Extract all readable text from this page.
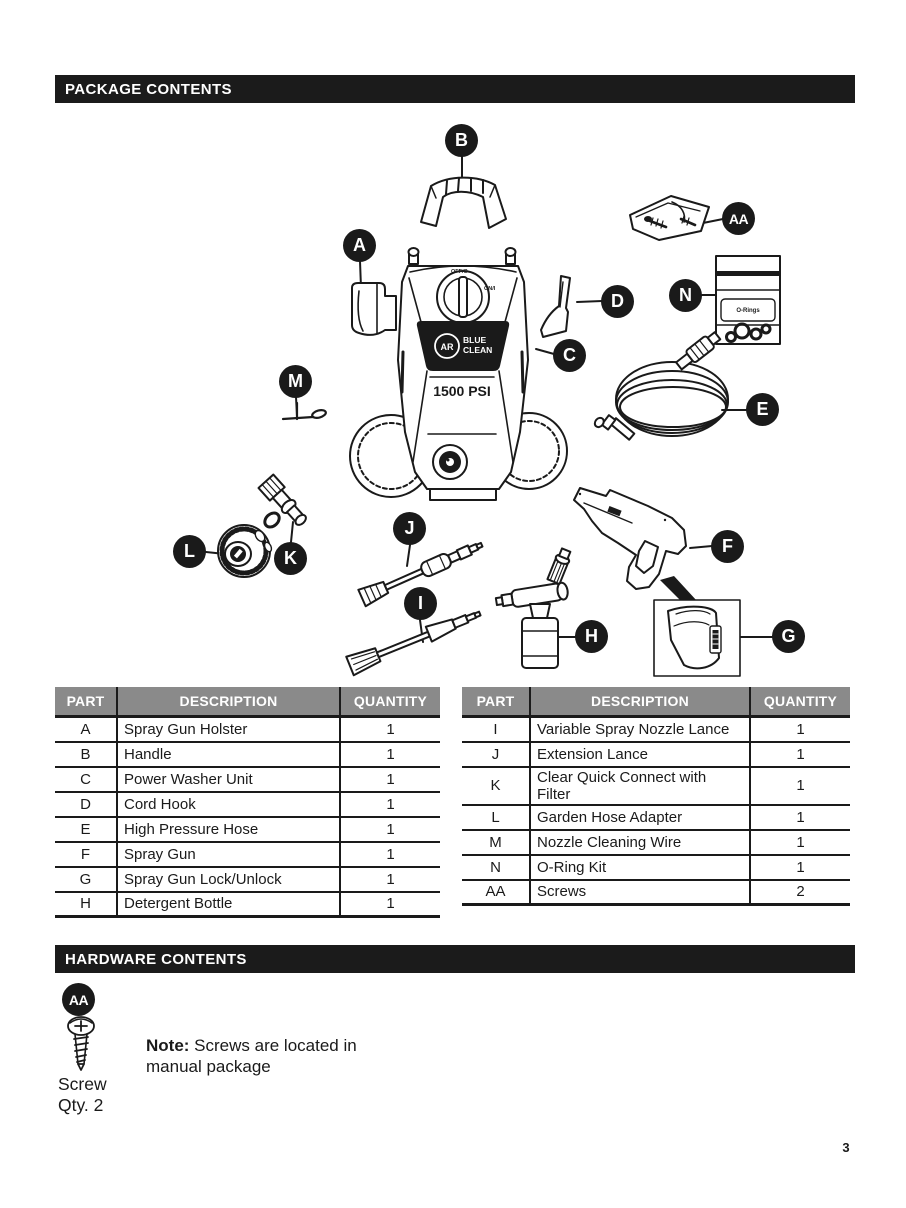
PACKAGE CONTENTS
HARDWARE CONTENTS
OFF/O
ON/I
AR
BLUE
CLEAN
1500 PSI
O-Rings
A
B
C
D
E
F
G
H
I
J
K
L
M
N
AA
PART	DESCRIPTION	QUANTITY
A	Spray Gun Holster	1
B	Handle	1
C	Power Washer Unit	1
D	Cord Hook	1
E	High Pressure Hose	1
F	Spray Gun	1
G	Spray Gun Lock/Unlock	1
H	Detergent Bottle	1
PART	DESCRIPTION	QUANTITY
I	Variable Spray Nozzle Lance	1
J	Extension Lance	1
K	Clear Quick Connect with Filter	1
L	Garden Hose Adapter	1
M	Nozzle Cleaning Wire	1
N	O-Ring Kit	1
AA	Screws	2
AA
Screw
Qty. 2
Note: Screws are located in manual package
3
